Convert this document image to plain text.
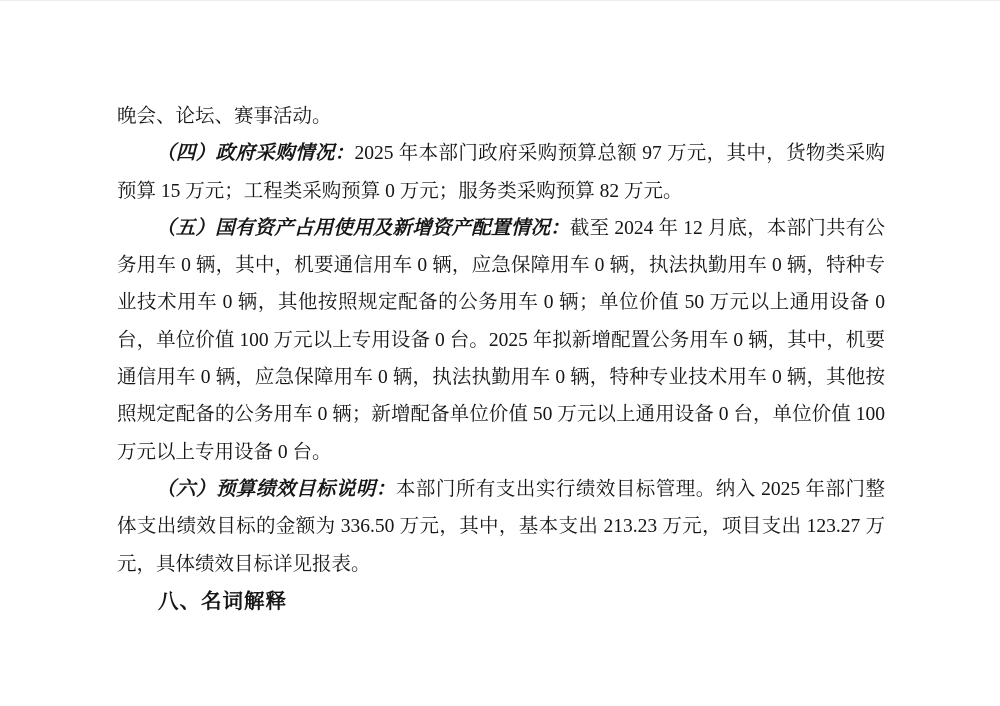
晚会、论坛、赛事活动。

（四）政府采购情况：2025 年本部门政府采购预算总额 97 万元，其中，货物类采购预算 15 万元；工程类采购预算 0 万元；服务类采购预算 82 万元。

（五）国有资产占用使用及新增资产配置情况：截至 2024 年 12 月底，本部门共有公务用车 0 辆，其中，机要通信用车 0 辆，应急保障用车 0 辆，执法执勤用车 0 辆，特种专业技术用车 0 辆，其他按照规定配备的公务用车 0 辆；单位价值 50 万元以上通用设备 0 台，单位价值 100 万元以上专用设备 0 台。2025 年拟新增配置公务用车 0 辆，其中，机要通信用车 0 辆，应急保障用车 0 辆，执法执勤用车 0 辆，特种专业技术用车 0 辆，其他按照规定配备的公务用车 0 辆；新增配备单位价值 50 万元以上通用设备 0 台，单位价值 100 万元以上专用设备 0 台。

（六）预算绩效目标说明：本部门所有支出实行绩效目标管理。纳入 2025 年部门整体支出绩效目标的金额为 336.50 万元，其中，基本支出 213.23 万元，项目支出 123.27 万元，具体绩效目标详见报表。

八、名词解释
